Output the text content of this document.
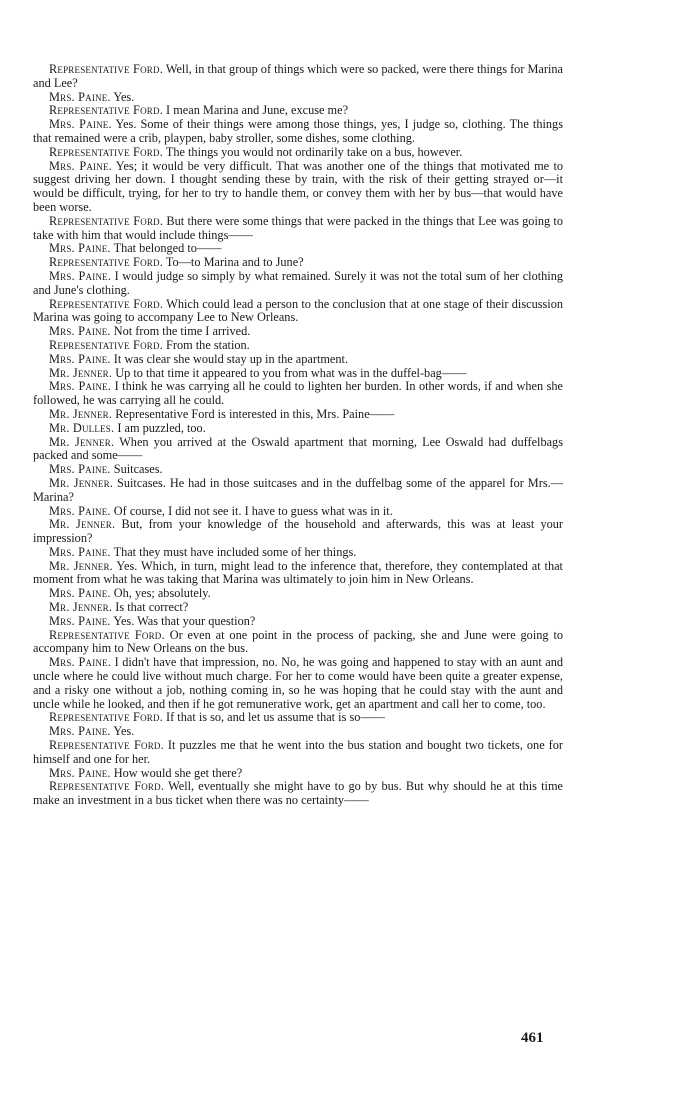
Representative Ford. Well, in that group of things which were so packed, were there things for Marina and Lee?

Mrs. Paine. Yes.

Representative Ford. I mean Marina and June, excuse me?

Mrs. Paine. Yes. Some of their things were among those things, yes, I judge so, clothing. The things that remained were a crib, playpen, baby stroller, some dishes, some clothing.

Representative Ford. The things you would not ordinarily take on a bus, however.

Mrs. Paine. Yes; it would be very difficult. That was another one of the things that motivated me to suggest driving her down. I thought sending these by train, with the risk of their getting strayed or—it would be difficult, trying, for her to try to handle them, or convey them with her by bus—that would have been worse.

Representative Ford. But there were some things that were packed in the things that Lee was going to take with him that would include things——

Mrs. Paine. That belonged to——

Representative Ford. To—to Marina and to June?

Mrs. Paine. I would judge so simply by what remained. Surely it was not the total sum of her clothing and June's clothing.

Representative Ford. Which could lead a person to the conclusion that at one stage of their discussion Marina was going to accompany Lee to New Orleans.

Mrs. Paine. Not from the time I arrived.

Representative Ford. From the station.

Mrs. Paine. It was clear she would stay up in the apartment.

Mr. Jenner. Up to that time it appeared to you from what was in the duffel-bag——

Mrs. Paine. I think he was carrying all he could to lighten her burden. In other words, if and when she followed, he was carrying all he could.

Mr. Jenner. Representative Ford is interested in this, Mrs. Paine——

Mr. Dulles. I am puzzled, too.

Mr. Jenner. When you arrived at the Oswald apartment that morning, Lee Oswald had duffelbags packed and some——

Mrs. Paine. Suitcases.

Mr. Jenner. Suitcases. He had in those suitcases and in the duffelbag some of the apparel for Mrs.—Marina?

Mrs. Paine. Of course, I did not see it. I have to guess what was in it.

Mr. Jenner. But, from your knowledge of the household and afterwards, this was at least your impression?

Mrs. Paine. That they must have included some of her things.

Mr. Jenner. Yes. Which, in turn, might lead to the inference that, therefore, they contemplated at that moment from what he was taking that Marina was ultimately to join him in New Orleans.

Mrs. Paine. Oh, yes; absolutely.

Mr. Jenner. Is that correct?

Mrs. Paine. Yes. Was that your question?

Representative Ford. Or even at one point in the process of packing, she and June were going to accompany him to New Orleans on the bus.

Mrs. Paine. I didn't have that impression, no. No, he was going and happened to stay with an aunt and uncle where he could live without much charge. For her to come would have been quite a greater expense, and a risky one without a job, nothing coming in, so he was hoping that he could stay with the aunt and uncle while he looked, and then if he got remunerative work, get an apartment and call her to come, too.

Representative Ford. If that is so, and let us assume that is so——

Mrs. Paine. Yes.

Representative Ford. It puzzles me that he went into the bus station and bought two tickets, one for himself and one for her.

Mrs. Paine. How would she get there?

Representative Ford. Well, eventually she might have to go by bus. But why should he at this time make an investment in a bus ticket when there was no certainty——

461
